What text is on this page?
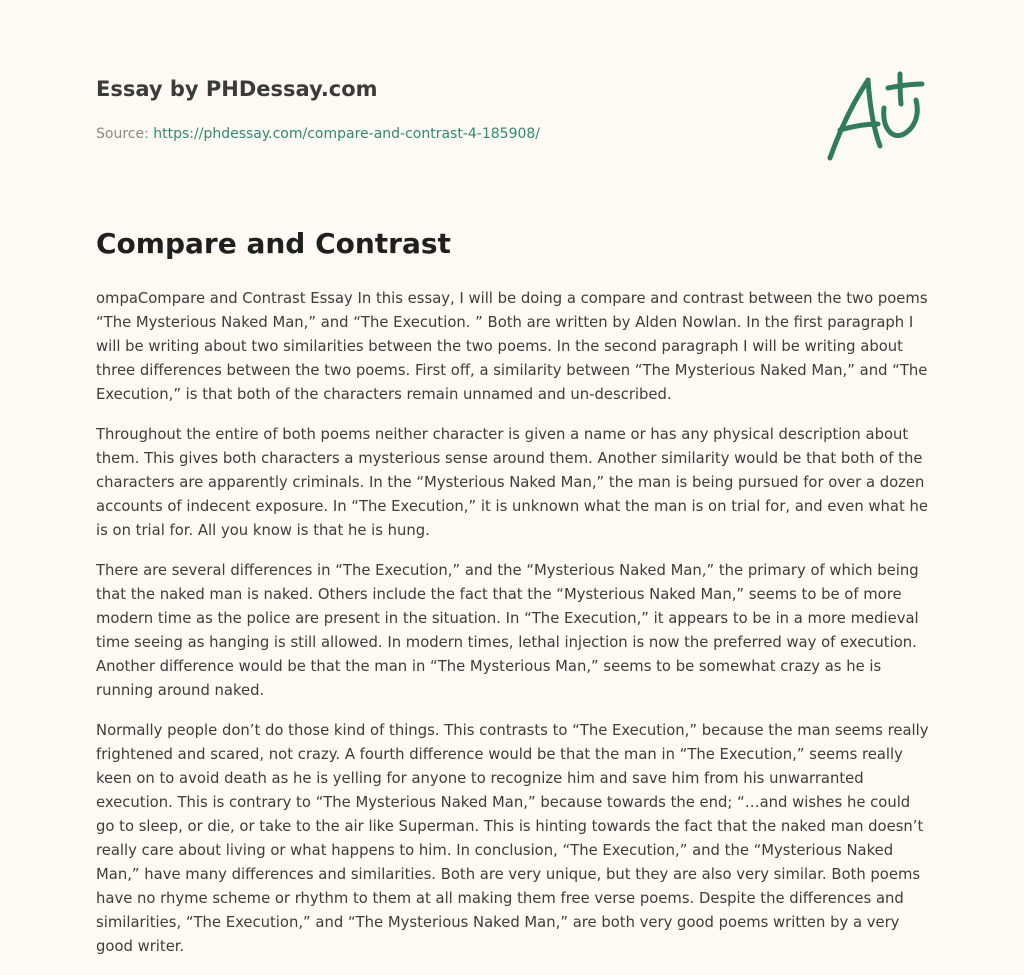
Essay by PHDessay.com
Source: https://phdessay.com/compare-and-contrast-4-185908/
Compare and Contrast

ompaCompare and Contrast Essay In this essay, I will be doing a compare and contrast between the two poems “The Mysterious Naked Man,” and “The Execution. ” Both are written by Alden Nowlan. In the first paragraph I will be writing about two similarities between the two poems. In the second paragraph I will be writing about three differences between the two poems. First off, a similarity between “The Mysterious Naked Man,” and “The Execution,” is that both of the characters remain unnamed and un-described.

Throughout the entire of both poems neither character is given a name or has any physical description about them. This gives both characters a mysterious sense around them. Another similarity would be that both of the characters are apparently criminals. In the “Mysterious Naked Man,” the man is being pursued for over a dozen accounts of indecent exposure. In “The Execution,” it is unknown what the man is on trial for, and even what he is on trial for. All you know is that he is hung.

There are several differences in “The Execution,” and the “Mysterious Naked Man,” the primary of which being that the naked man is naked. Others include the fact that the “Mysterious Naked Man,” seems to be of more modern time as the police are present in the situation. In “The Execution,” it appears to be in a more medieval time seeing as hanging is still allowed. In modern times, lethal injection is now the preferred way of execution. Another difference would be that the man in “The Mysterious Man,” seems to be somewhat crazy as he is running around naked.

Normally people don’t do those kind of things. This contrasts to “The Execution,” because the man seems really frightened and scared, not crazy. A fourth difference would be that the man in “The Execution,” seems really keen on to avoid death as he is yelling for anyone to recognize him and save him from his unwarranted execution. This is contrary to “The Mysterious Naked Man,” because towards the end; “…and wishes he could go to sleep, or die, or take to the air like Superman. This is hinting towards the fact that the naked man doesn’t really care about living or what happens to him. In conclusion, “The Execution,” and the “Mysterious Naked Man,” have many differences and similarities. Both are very unique, but they are also very similar. Both poems have no rhyme scheme or rhythm to them at all making them free verse poems. Despite the differences and similarities, “The Execution,” and “The Mysterious Naked Man,” are both very good poems written by a very good writer.
